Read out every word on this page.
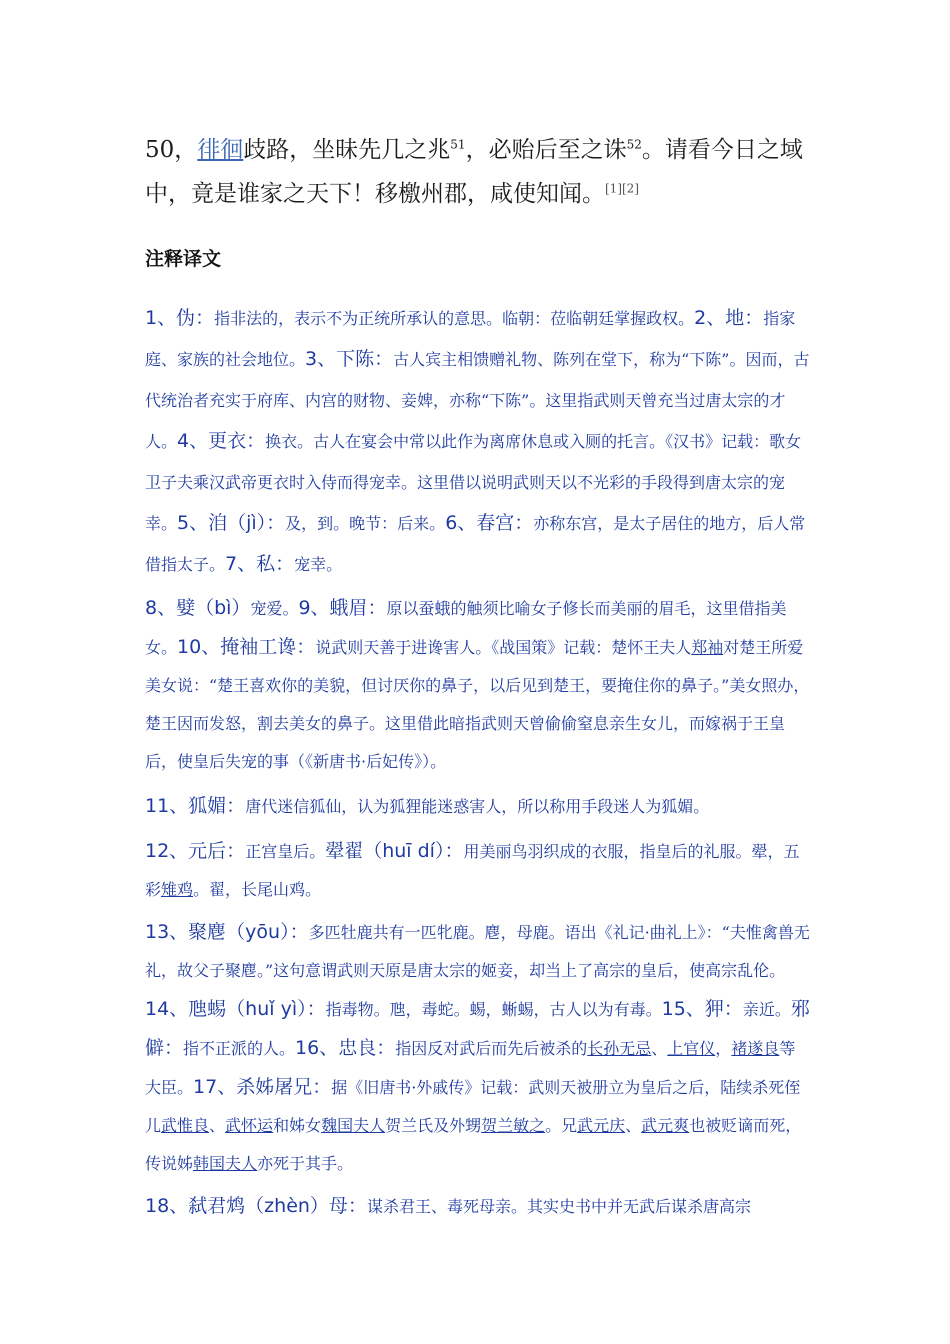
50，徘徊歧路，坐昧先几之兆$^{51}$，必贻后至之诛$^{52}$。请看今日之域中，竟是谁家之天下！移檄州郡，咸使知闻。[1][2]

注释译文

1、伪：指非法的，表示不为正统所承认的意思。临朝：莅临朝廷掌握政权。2、地：指家庭、家族的社会地位。3、下陈：古人宾主相馈赠礼物、陈列在堂下，称为“下陈”。因而，古代统治者充实于府库、内宫的财物、妾婢，亦称“下陈”。这里指武则天曾充当过唐太宗的才人。4、更衣：换衣。古人在宴会中常以此作为离席休息或入厕的托言。《汉书》记载：歌女卫子夫乘汉武帝更衣时入侍而得宠幸。这里借以说明武则天以不光彩的手段得到唐太宗的宠幸。5、洎（jì）：及，到。晚节：后来。6、春宫：亦称东宫，是太子居住的地方，后人常借指太子。7、私：宠幸。

8、嬖（bì）宠爱。9、蛾眉：原以蚕蛾的触须比喻女子修长而美丽的眉毛，这里借指美女。10、掩袖工谗：说武则天善于进谗害人。《战国策》记载：楚怀王夫人郑袖对楚王所爱美女说：“楚王喜欢你的美貌，但讨厌你的鼻子，以后见到楚王，要掩住你的鼻子。”美女照办，楚王因而发怒，割去美女的鼻子。这里借此暗指武则天曾偷偷窒息亲生女儿，而嫁祸于王皇后，使皇后失宠的事（《新唐书·后妃传》）。

11、狐媚：唐代迷信狐仙，认为狐狸能迷惑害人，所以称用手段迷人为狐媚。

12、元后：正宫皇后。翚翟（huī dí）：用美丽鸟羽织成的衣服，指皇后的礼服。翚，五彩雉鸡。翟，长尾山鸡。

13、聚麀（yōu）：多匹牡鹿共有一匹牝鹿。麀，母鹿。语出《礼记·曲礼上》：“夫惟禽兽无礼，故父子聚麀。”这句意谓武则天原是唐太宗的姬妾，却当上了高宗的皇后，使高宗乱伦。14、虺蜴（huǐ yì）：指毒物。虺，毒蛇。蜴，蜥蜴，古人以为有毒。15、狎：亲近。邪僻：指不正派的人。16、忠良：指因反对武后而先后被杀的长孙无忌、上官仪，褚遂良等大臣。17、杀姊屠兄：据《旧唐书·外戚传》记载：武则天被册立为皇后之后，陆续杀死侄儿武惟良、武怀运和姊女魏国夫人贺兰氏及外甥贺兰敏之。兄武元庆、武元爽也被贬谪而死，传说姊韩国夫人亦死于其手。

18、弑君鸩（zhèn）母：谋杀君王、毒死母亲。其实史书中并无武后谋杀唐高宗
